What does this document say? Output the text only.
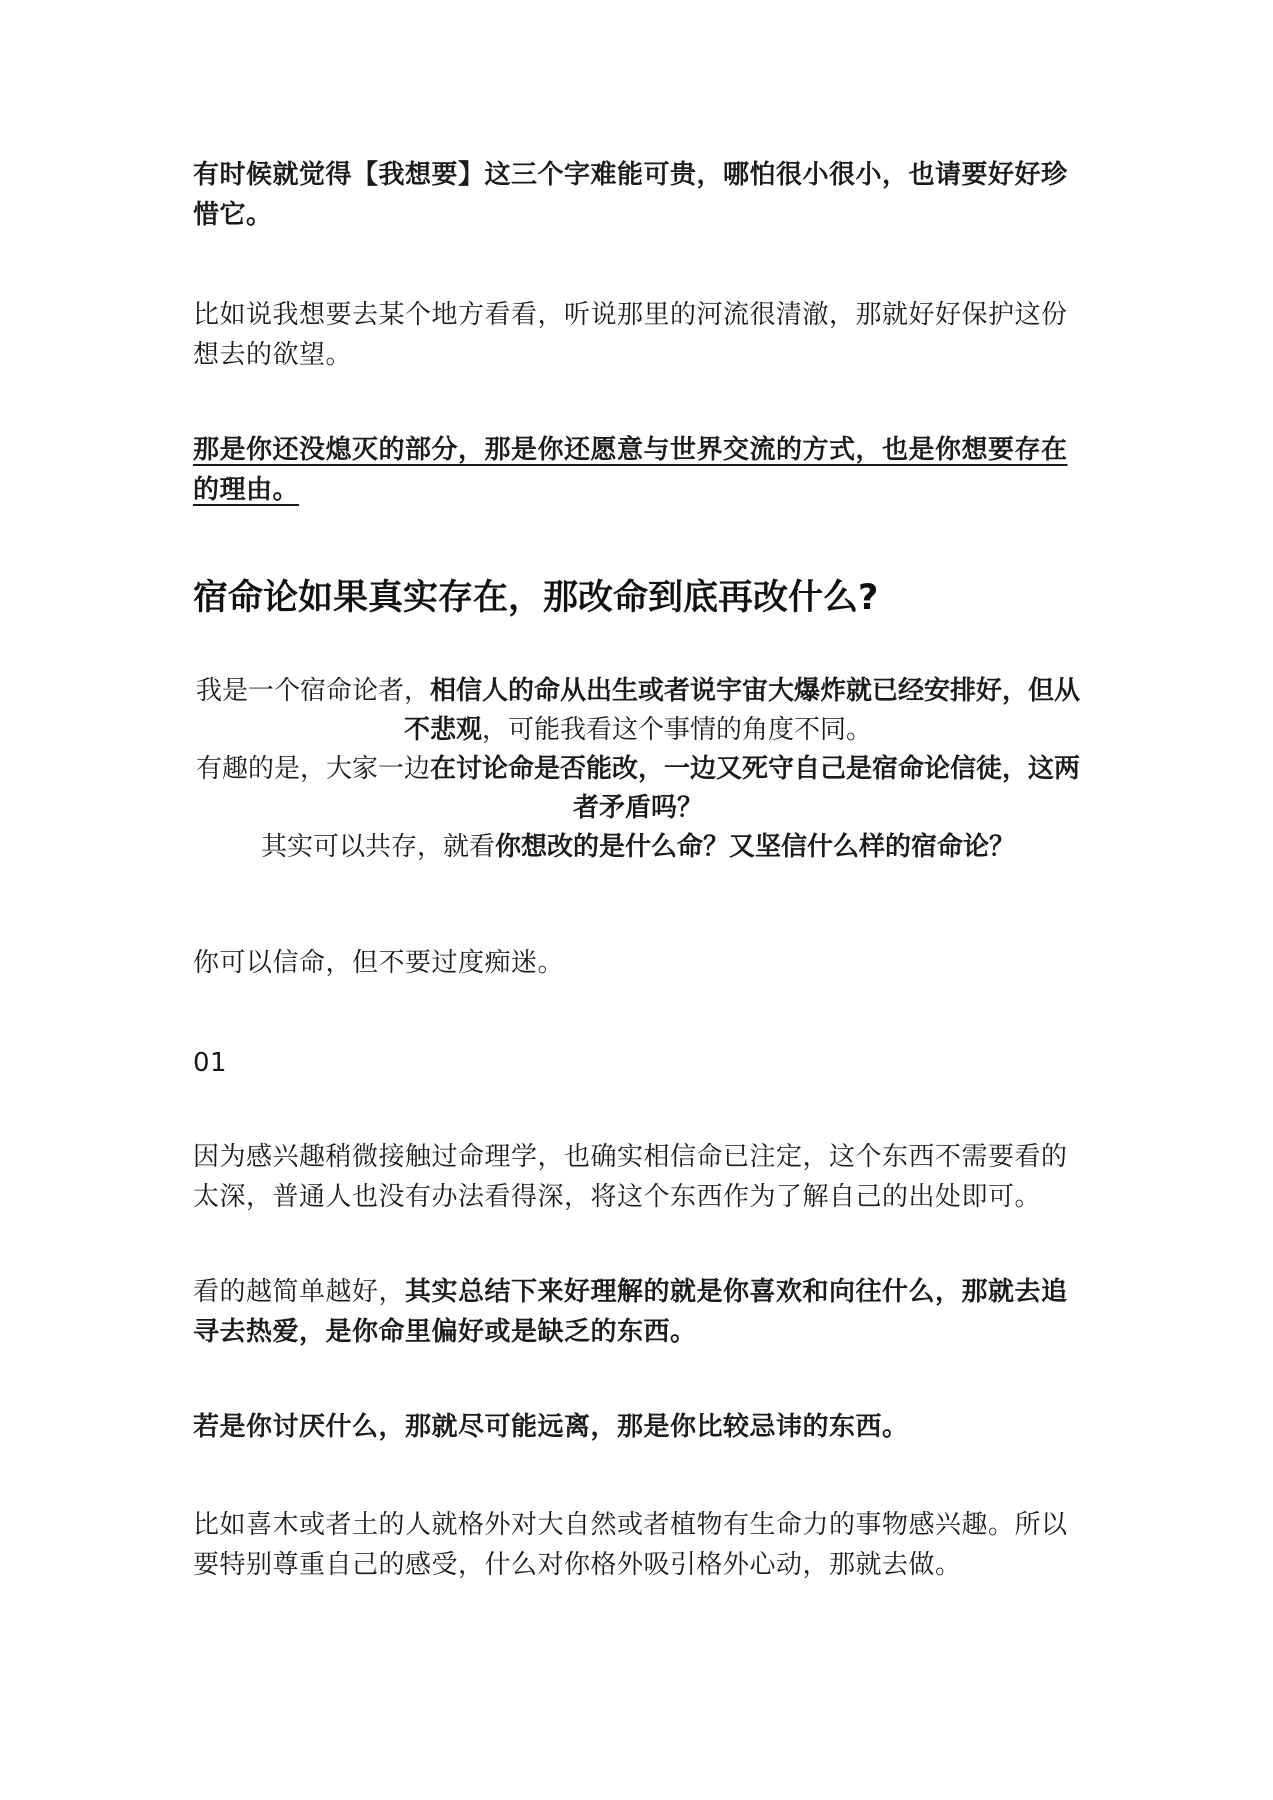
有时候就觉得【我想要】这三个字难能可贵，哪怕很小很小，也请要好好珍惜它。

比如说我想要去某个地方看看，听说那里的河流很清澈，那就好好保护这份想去的欲望。

那是你还没熄灭的部分，那是你还愿意与世界交流的方式，也是你想要存在的理由。

宿命论如果真实存在，那改命到底再改什么?

我是一个宿命论者，相信人的命从出生或者说宇宙大爆炸就已经安排好，但从不悲观，可能我看这个事情的角度不同。

有趣的是，大家一边在讨论命是否能改，一边又死守自己是宿命论信徒，这两者矛盾吗？

其实可以共存，就看你想改的是什么命？又坚信什么样的宿命论？

你可以信命，但不要过度痴迷。

01

因为感兴趣稍微接触过命理学，也确实相信命已注定，这个东西不需要看的太深，普通人也没有办法看得深，将这个东西作为了解自己的出处即可。

看的越简单越好，其实总结下来好理解的就是你喜欢和向往什么，那就去追寻去热爱，是你命里偏好或是缺乏的东西。

若是你讨厌什么，那就尽可能远离，那是你比较忌讳的东西。

比如喜木或者土的人就格外对大自然或者植物有生命力的事物感兴趣。所以要特别尊重自己的感受，什么对你格外吸引格外心动，那就去做。
